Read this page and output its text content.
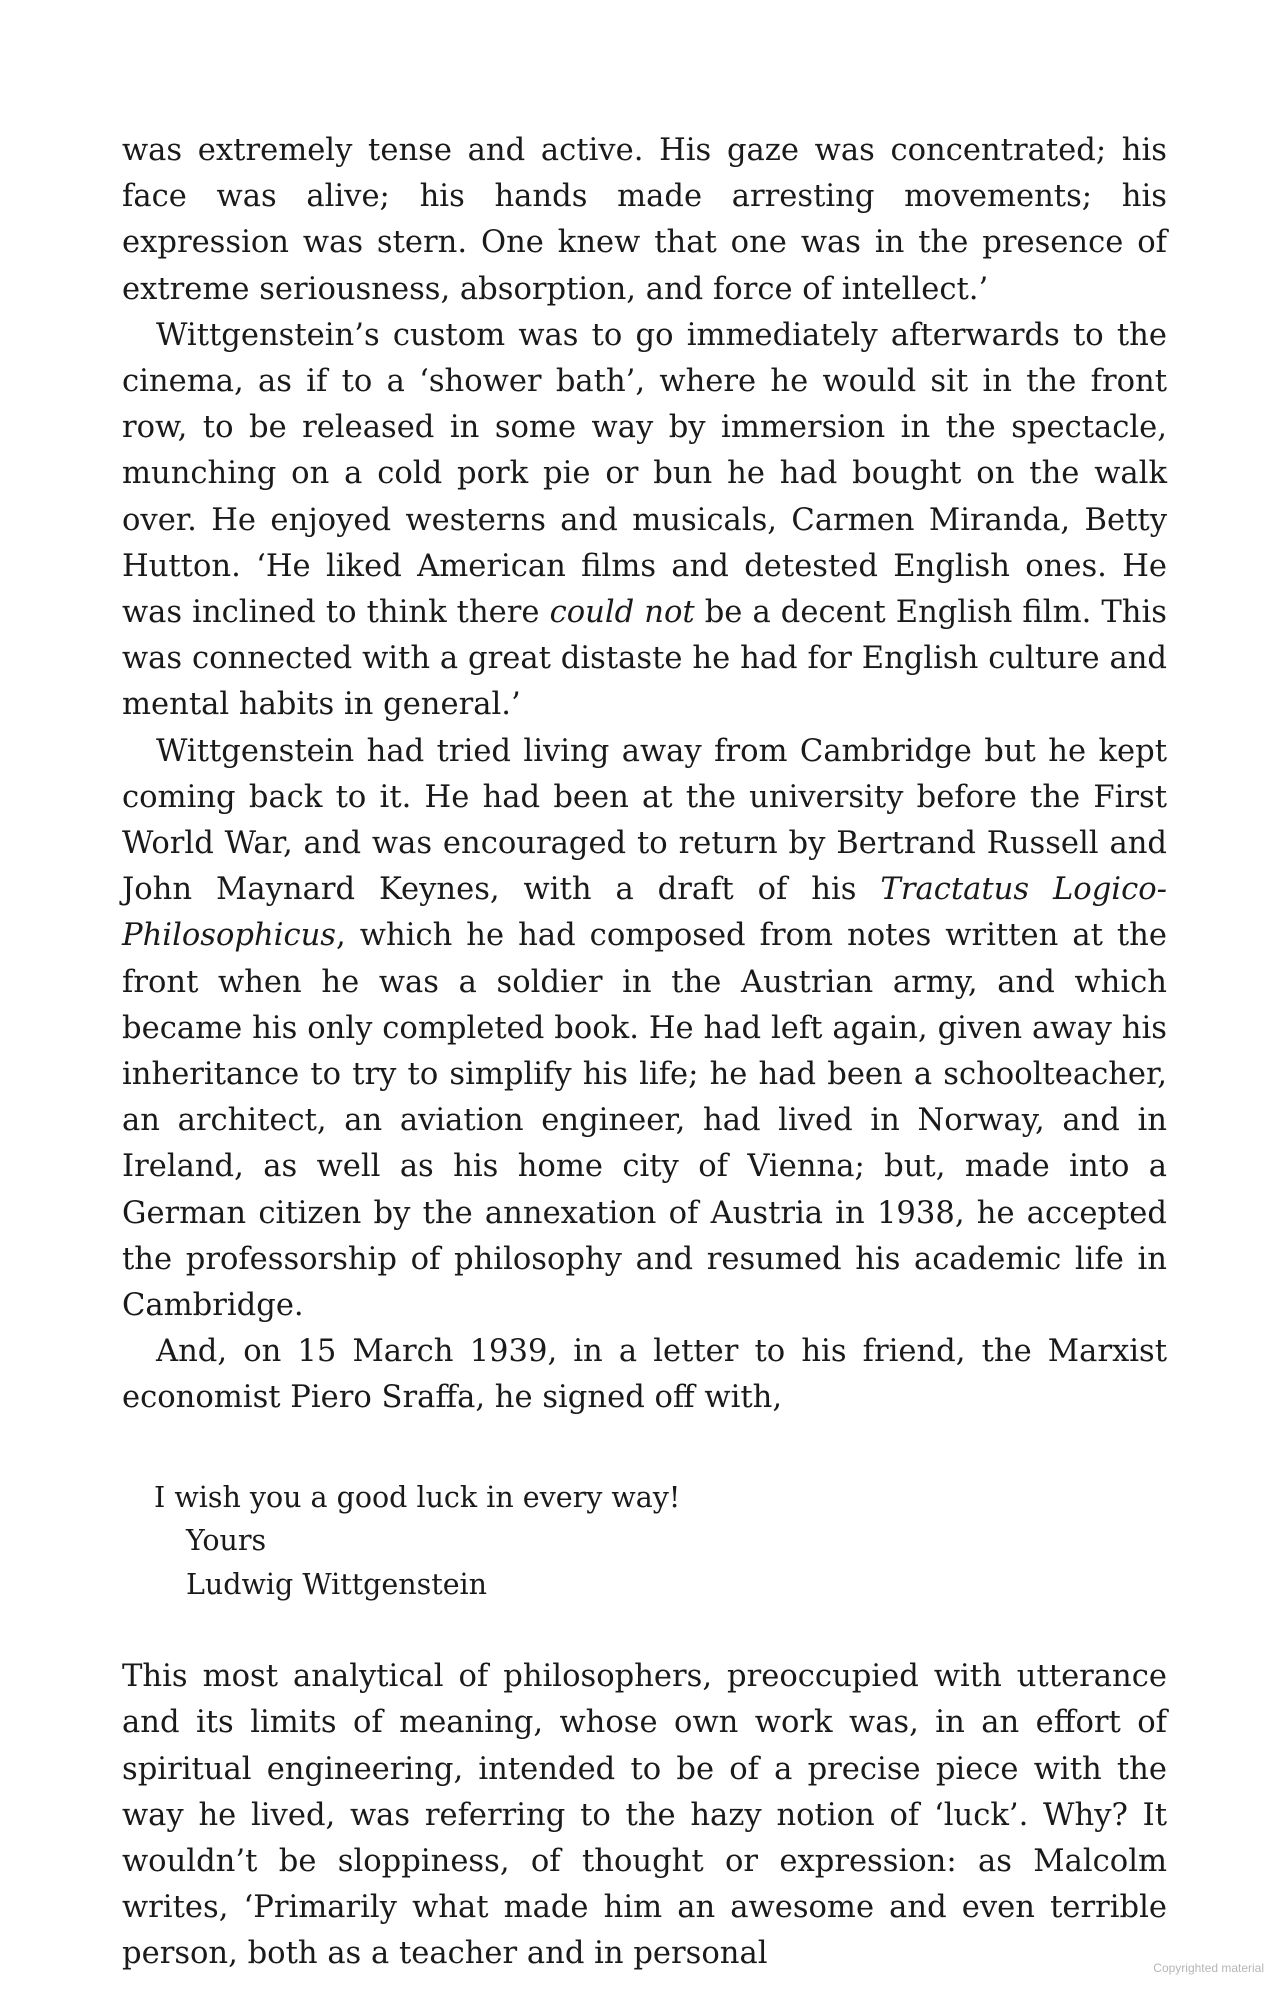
was extremely tense and active. His gaze was concentrated; his face was alive; his hands made arresting movements; his expression was stern. One knew that one was in the presence of extreme seriousness, absorption, and force of intellect.’

Wittgenstein’s custom was to go immediately afterwards to the cinema, as if to a ‘shower bath’, where he would sit in the front row, to be released in some way by immersion in the spectacle, munching on a cold pork pie or bun he had bought on the walk over. He enjoyed westerns and musicals, Carmen Miranda, Betty Hutton. ‘He liked American films and detested English ones. He was inclined to think there could not be a decent English film. This was connected with a great distaste he had for English culture and mental habits in general.’

Wittgenstein had tried living away from Cambridge but he kept coming back to it. He had been at the university before the First World War, and was encouraged to return by Bertrand Russell and John Maynard Keynes, with a draft of his Tractatus Logico-Philosophicus, which he had composed from notes written at the front when he was a soldier in the Austrian army, and which became his only completed book. He had left again, given away his inheritance to try to simplify his life; he had been a schoolteacher, an architect, an aviation engineer, had lived in Norway, and in Ireland, as well as his home city of Vienna; but, made into a German citizen by the annexation of Austria in 1938, he accepted the professorship of philosophy and resumed his academic life in Cambridge.

And, on 15 March 1939, in a letter to his friend, the Marxist economist Piero Sraffa, he signed off with,

I wish you a good luck in every way!
Yours
Ludwig Wittgenstein

This most analytical of philosophers, preoccupied with utterance and its limits of meaning, whose own work was, in an effort of spiritual engineering, intended to be of a precise piece with the way he lived, was referring to the hazy notion of ‘luck’. Why? It wouldn’t be sloppiness, of thought or expression: as Malcolm writes, ‘Primarily what made him an awesome and even terrible person, both as a teacher and in personal	Copyrighted material
